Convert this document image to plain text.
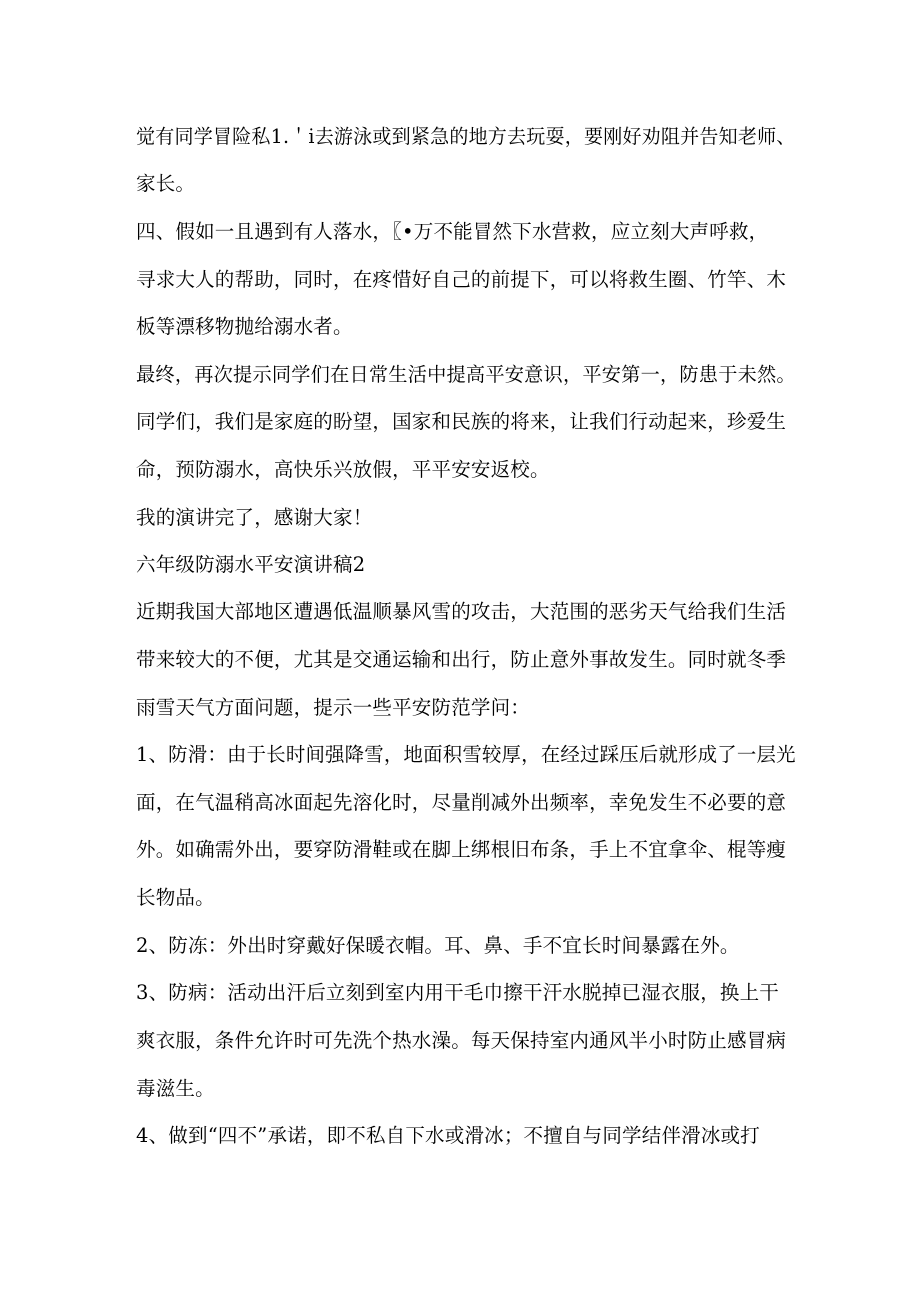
觉有同学冒险私1.＇i去游泳或到紧急的地方去玩耍，要刚好劝阻并告知老师、

家长。

四、假如一且遇到有人落水，〖•万不能冒然下水营救，应立刻大声呼救，

寻求大人的帮助，同时，在疼惜好自己的前提下，可以将救生圈、竹竿、木

板等漂移物抛给溺水者。

最终，再次提示同学们在日常生活中提高平安意识，平安第一，防患于未然。

同学们，我们是家庭的盼望，国家和民族的将来，让我们行动起来，珍爱生

命，预防溺水，高快乐兴放假，平平安安返校。

我的演讲完了，感谢大家！

六年级防溺水平安演讲稿2

近期我国大部地区遭遇低温顺暴风雪的攻击，大范围的恶劣天气给我们生活

带来较大的不便，尤其是交通运输和出行，防止意外事故发生。同时就冬季

雨雪天气方面问题，提示一些平安防范学问：

1、防滑：由于长时间强降雪，地面积雪较厚，在经过踩压后就形成了一层光

面，在气温稍高冰面起先溶化时，尽量削减外出频率，幸免发生不必要的意

外。如确需外出，要穿防滑鞋或在脚上绑根旧布条，手上不宜拿伞、棍等瘦

长物品。

2、防冻：外出时穿戴好保暖衣帽。耳、鼻、手不宜长时间暴露在外。

3、防病：活动出汗后立刻到室内用干毛巾擦干汗水脱掉已湿衣服，换上干

爽衣服，条件允许时可先洗个热水澡。每天保持室内通风半小时防止感冒病

毒滋生。

4、做到“四不”承诺，即不私自下水或滑冰；不擅自与同学结伴滑冰或打
